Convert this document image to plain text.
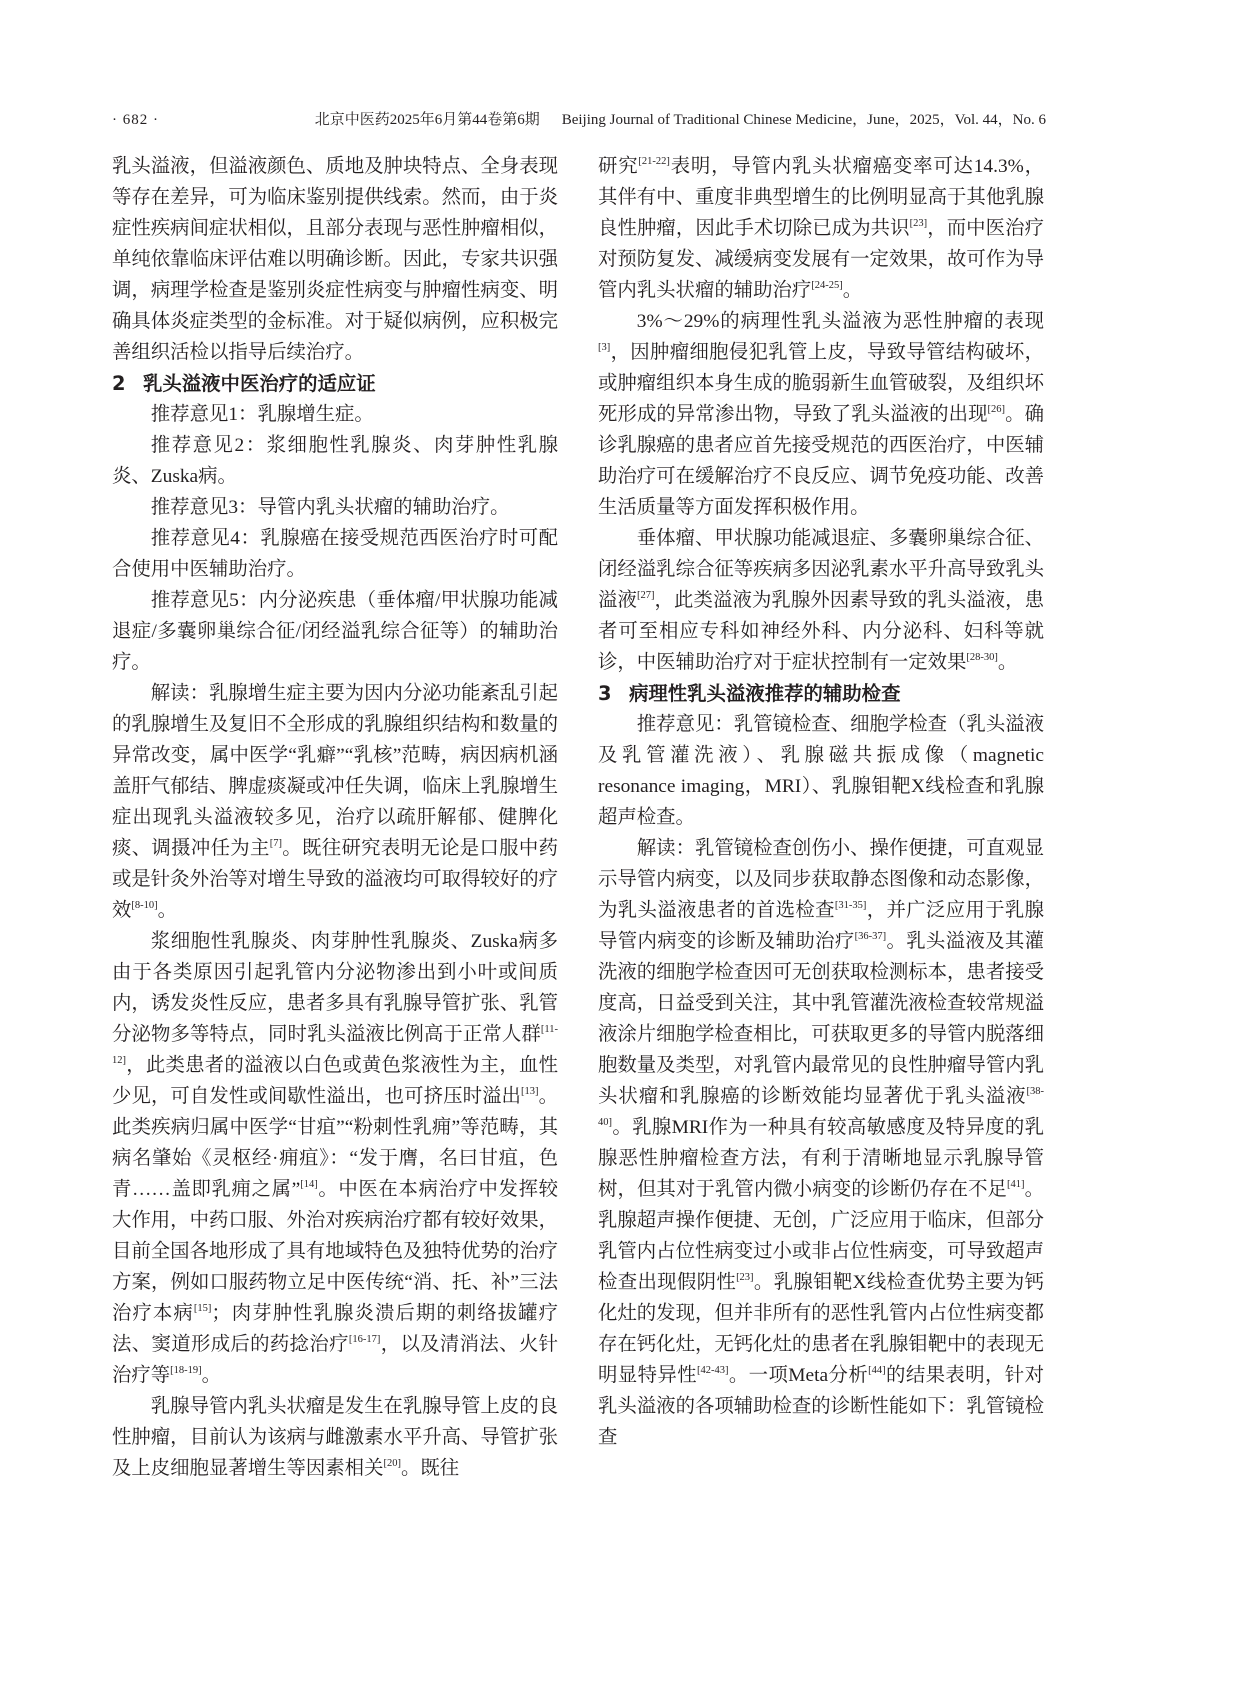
· 682 ·	北京中医药2025年6月第44卷第6期 Beijing Journal of Traditional Chinese Medicine，June，2025，Vol. 44，No. 6

乳头溢液，但溢液颜色、质地及肿块特点、全身表现等存在差异，可为临床鉴别提供线索。然而，由于炎症性疾病间症状相似，且部分表现与恶性肿瘤相似，单纯依靠临床评估难以明确诊断。因此，专家共识强调，病理学检查是鉴别炎症性病变与肿瘤性病变、明确具体炎症类型的金标准。对于疑似病例，应积极完善组织活检以指导后续治疗。

2 乳头溢液中医治疗的适应证

推荐意见1：乳腺增生症。

推荐意见2：浆细胞性乳腺炎、肉芽肿性乳腺炎、Zuska病。

推荐意见3：导管内乳头状瘤的辅助治疗。

推荐意见4：乳腺癌在接受规范西医治疗时可配合使用中医辅助治疗。

推荐意见5：内分泌疾患（垂体瘤/甲状腺功能减退症/多囊卵巢综合征/闭经溢乳综合征等）的辅助治疗。

解读：乳腺增生症主要为因内分泌功能紊乱引起的乳腺增生及复旧不全形成的乳腺组织结构和数量的异常改变，属中医学“乳癖”“乳核”范畴，病因病机涵盖肝气郁结、脾虚痰凝或冲任失调，临床上乳腺增生症出现乳头溢液较多见，治疗以疏肝解郁、健脾化痰、调摄冲任为主[7]。既往研究表明无论是口服中药或是针灸外治等对增生导致的溢液均可取得较好的疗效[8-10]。

浆细胞性乳腺炎、肉芽肿性乳腺炎、Zuska病多由于各类原因引起乳管内分泌物渗出到小叶或间质内，诱发炎性反应，患者多具有乳腺导管扩张、乳管分泌物多等特点，同时乳头溢液比例高于正常人群[11-12]，此类患者的溢液以白色或黄色浆液性为主，血性少见，可自发性或间歇性溢出，也可挤压时溢出[13]。此类疾病归属中医学“甘疽”“粉刺性乳痈”等范畴，其病名肇始《灵枢经·痈疽》：“发于膺，名曰甘疽，色青……盖即乳痈之属”[14]。中医在本病治疗中发挥较大作用，中药口服、外治对疾病治疗都有较好效果，目前全国各地形成了具有地域特色及独特优势的治疗方案，例如口服药物立足中医传统“消、托、补”三法治疗本病[15]；肉芽肿性乳腺炎溃后期的刺络拔罐疗法、窦道形成后的药捻治疗[16-17]，以及清消法、火针治疗等[18-19]。

乳腺导管内乳头状瘤是发生在乳腺导管上皮的良性肿瘤，目前认为该病与雌激素水平升高、导管扩张及上皮细胞显著增生等因素相关[20]。既往

研究[21-22]表明，导管内乳头状瘤癌变率可达14.3%，其伴有中、重度非典型增生的比例明显高于其他乳腺良性肿瘤，因此手术切除已成为共识[23]，而中医治疗对预防复发、减缓病变发展有一定效果，故可作为导管内乳头状瘤的辅助治疗[24-25]。

3%～29%的病理性乳头溢液为恶性肿瘤的表现[3]，因肿瘤细胞侵犯乳管上皮，导致导管结构破坏，或肿瘤组织本身生成的脆弱新生血管破裂，及组织坏死形成的异常渗出物，导致了乳头溢液的出现[26]。确诊乳腺癌的患者应首先接受规范的西医治疗，中医辅助治疗可在缓解治疗不良反应、调节免疫功能、改善生活质量等方面发挥积极作用。

垂体瘤、甲状腺功能减退症、多囊卵巢综合征、闭经溢乳综合征等疾病多因泌乳素水平升高导致乳头溢液[27]，此类溢液为乳腺外因素导致的乳头溢液，患者可至相应专科如神经外科、内分泌科、妇科等就诊，中医辅助治疗对于症状控制有一定效果[28-30]。

3 病理性乳头溢液推荐的辅助检查

推荐意见：乳管镜检查、细胞学检查（乳头溢液及乳管灌洗液）、乳腺磁共振成像（magnetic resonance imaging，MRI）、乳腺钼靶X线检查和乳腺超声检查。

解读：乳管镜检查创伤小、操作便捷，可直观显示导管内病变，以及同步获取静态图像和动态影像，为乳头溢液患者的首选检查[31-35]，并广泛应用于乳腺导管内病变的诊断及辅助治疗[36-37]。乳头溢液及其灌洗液的细胞学检查因可无创获取检测标本，患者接受度高，日益受到关注，其中乳管灌洗液检查较常规溢液涂片细胞学检查相比，可获取更多的导管内脱落细胞数量及类型，对乳管内最常见的良性肿瘤导管内乳头状瘤和乳腺癌的诊断效能均显著优于乳头溢液[38-40]。乳腺MRI作为一种具有较高敏感度及特异度的乳腺恶性肿瘤检查方法，有利于清晰地显示乳腺导管树，但其对于乳管内微小病变的诊断仍存在不足[41]。乳腺超声操作便捷、无创，广泛应用于临床，但部分乳管内占位性病变过小或非占位性病变，可导致超声检查出现假阴性[23]。乳腺钼靶X线检查优势主要为钙化灶的发现，但并非所有的恶性乳管内占位性病变都存在钙化灶，无钙化灶的患者在乳腺钼靶中的表现无明显特异性[42-43]。一项Meta分析[44]的结果表明，针对乳头溢液的各项辅助检查的诊断性能如下：乳管镜检查
